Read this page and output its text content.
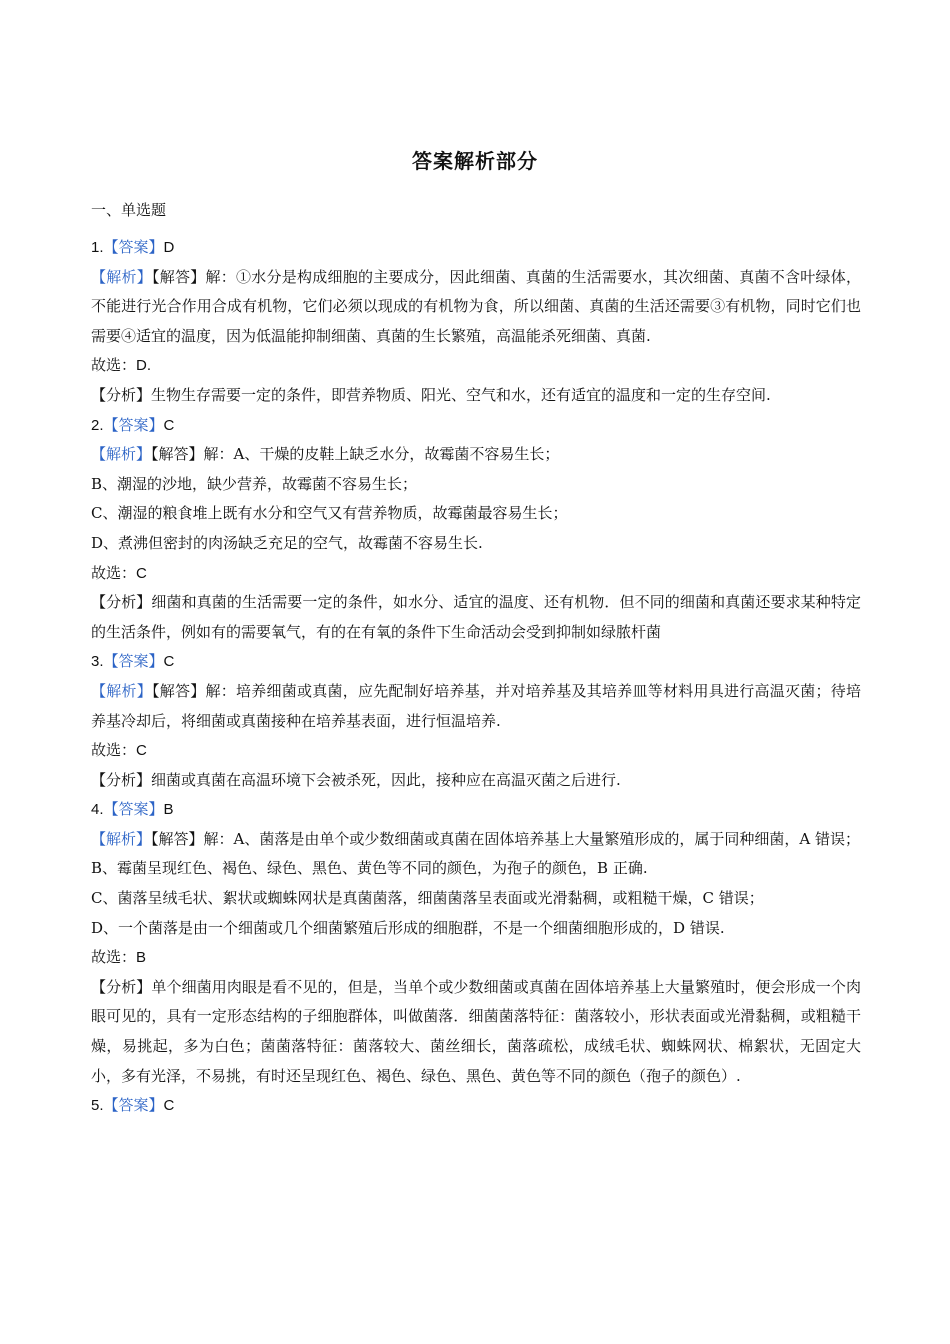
答案解析部分
一、单选题

1.【答案】D

【解析】【解答】解：①水分是构成细胞的主要成分，因此细菌、真菌的生活需要水，其次细菌、真菌不含叶绿体，不能进行光合作用合成有机物，它们必须以现成的有机物为食，所以细菌、真菌的生活还需要③有机物，同时它们也需要④适宜的温度，因为低温能抑制细菌、真菌的生长繁殖，高温能杀死细菌、真菌.

故选：D.

【分析】生物生存需要一定的条件，即营养物质、阳光、空气和水，还有适宜的温度和一定的生存空间.

2.【答案】C

【解析】【解答】解：A、干燥的皮鞋上缺乏水分，故霉菌不容易生长；

B、潮湿的沙地，缺少营养，故霉菌不容易生长；

C、潮湿的粮食堆上既有水分和空气又有营养物质，故霉菌最容易生长；

D、煮沸但密封的肉汤缺乏充足的空气，故霉菌不容易生长.

故选：C

【分析】细菌和真菌的生活需要一定的条件，如水分、适宜的温度、还有机物．但不同的细菌和真菌还要求某种特定的生活条件，例如有的需要氧气，有的在有氧的条件下生命活动会受到抑制如绿脓杆菌

3.【答案】C

【解析】【解答】解：培养细菌或真菌，应先配制好培养基，并对培养基及其培养皿等材料用具进行高温灭菌；待培养基冷却后，将细菌或真菌接种在培养基表面，进行恒温培养.

故选：C

【分析】细菌或真菌在高温环境下会被杀死，因此，接种应在高温灭菌之后进行.

4.【答案】B

【解析】【解答】解：A、菌落是由单个或少数细菌或真菌在固体培养基上大量繁殖形成的，属于同种细菌，A 错误；

B、霉菌呈现红色、褐色、绿色、黑色、黄色等不同的颜色，为孢子的颜色，B 正确.

C、菌落呈绒毛状、絮状或蜘蛛网状是真菌菌落，细菌菌落呈表面或光滑黏稠，或粗糙干燥，C 错误；

D、一个菌落是由一个细菌或几个细菌繁殖后形成的细胞群，不是一个细菌细胞形成的，D 错误.

故选：B

【分析】单个细菌用肉眼是看不见的，但是，当单个或少数细菌或真菌在固体培养基上大量繁殖时，便会形成一个肉眼可见的，具有一定形态结构的子细胞群体，叫做菌落．细菌菌落特征：菌落较小，形状表面或光滑黏稠，或粗糙干燥，易挑起，多为白色；菌菌落特征：菌落较大、菌丝细长，菌落疏松，成绒毛状、蜘蛛网状、棉絮状，无固定大小，多有光泽，不易挑，有时还呈现红色、褐色、绿色、黑色、黄色等不同的颜色（孢子的颜色）.

5.【答案】C
